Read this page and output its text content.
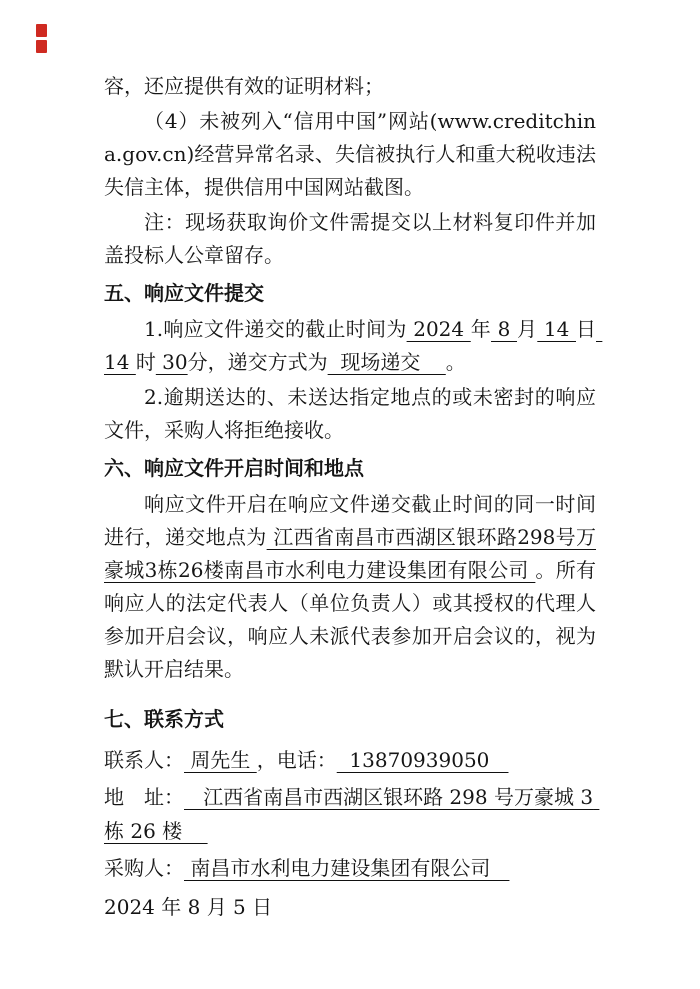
容，还应提供有效的证明材料；

（4）未被列入“信用中国”网站(www.creditchina.gov.cn)经营异常名录、失信被执行人和重大税收违法失信主体，提供信用中国网站截图。

注：现场获取询价文件需提交以上材料复印件并加盖投标人公章留存。

五、响应文件提交

1.响应文件递交的截止时间为 2024 年 8 月 14 日 14 时 30分，递交方式为  现场递交    。

2.逾期送达的、未送达指定地点的或未密封的响应文件，采购人将拒绝接收。

六、响应文件开启时间和地点

响应文件开启在响应文件递交截止时间的同一时间进行，递交地点为 江西省南昌市西湖区银环路298号万豪城3栋26楼南昌市水利电力建设集团有限公司 。所有响应人的法定代表人（单位负责人）或其授权的代理人参加开启会议，响应人未派代表参加开启会议的，视为默认开启结果。

七、联系方式

联系人： 周先生 ，电话：  13870939050

地　址：   江西省南昌市西湖区银环路 298 号万豪城 3 栋 26 楼

采购人： 南昌市水利电力建设集团有限公司

2024 年 8 月 5 日
